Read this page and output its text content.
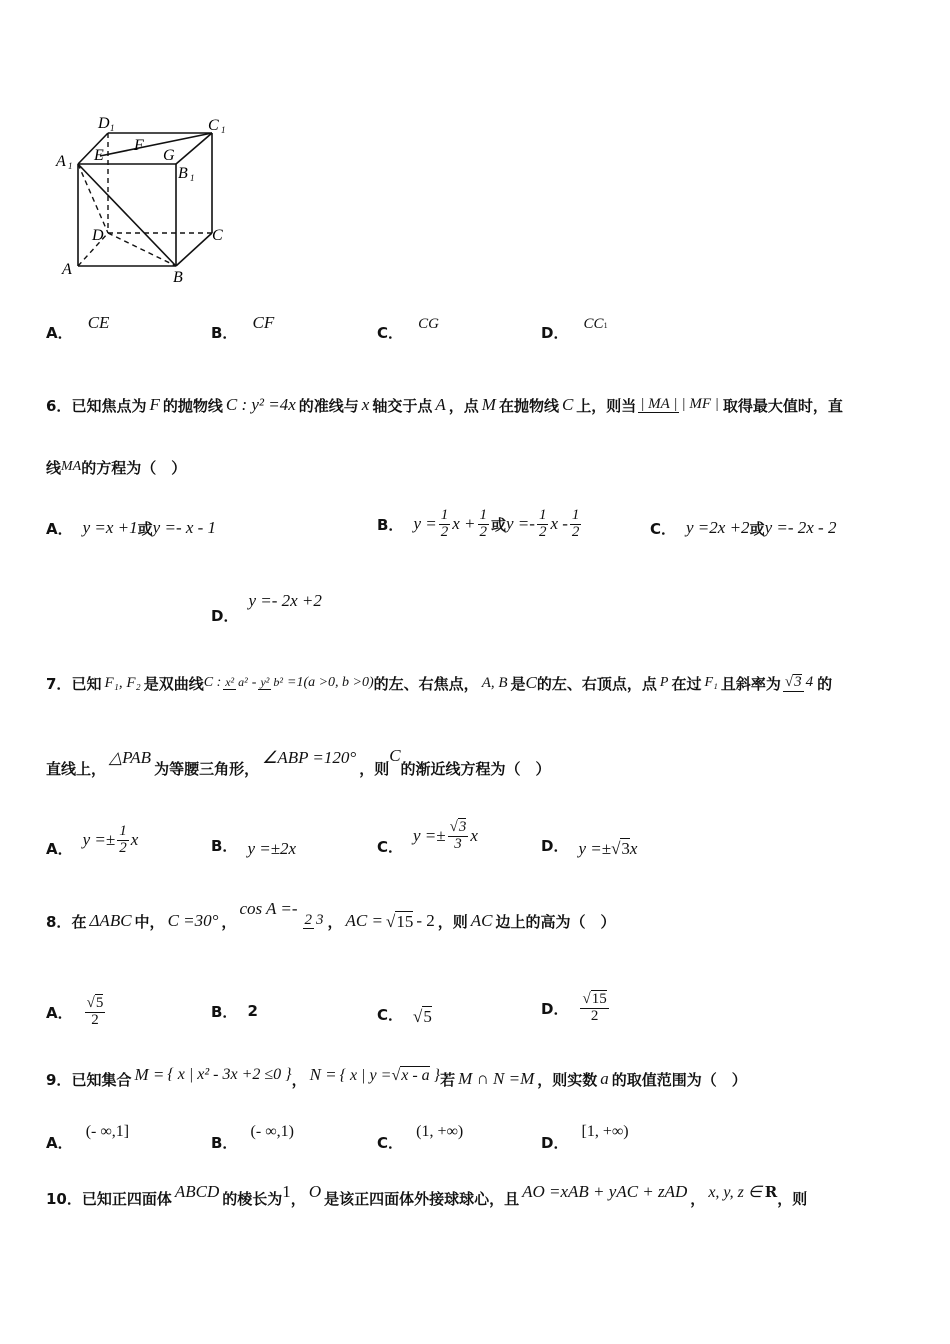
D 1	C 1
A 1	B 1
E
F
G
D	C
A	B
A． CE
B． CF
C． CG	D． CC1
6． 已知焦点为 F 的抛物线 C : y² =4x 的准线与 x 轴交于点 A ，点 M 在抛物线 C 上，则当 | MA | | MF | 取得最大值时，直
线 MA 的方程为（　）
A． y =x +1 或 y =- x - 1	B． $y = \frac{1}{2}$ $x + \frac{1}{2}$ 或 $y =- \frac{1}{2}$ x - $\frac{1}{2}$	C． y =2x +2 或 y =- 2x - 2
D．
y =- 2x +2
7． 已知 F₁, F₂ 是双曲线 C : x² a² - y² b² =1(a >0, b >0) 的左、右焦点， A, B 是 C 的左、右顶点，点 P 在过 F₁ 且斜率为 √3 4 的
直线上，
△PAB
为等腰三角形，
∠ABP =120°
，则
C
的渐近线方程为（　）
A． $y =\pm \frac{1}{2}$ x	B． y =±2x	C．
$y =\pm \frac{√3}{3}$ x
D． y =± √3 x
8． 在 ΔABC 中， C =30° ，
cos A =-
2 3 ， AC = √15 - 2 ，则 AC 边上的高为（　）
A． $\frac{√5}{2}$	B． 2	C． √5	D． $\frac{√15}{2}$
9． 已知集合 M = { x | x² - 3x +2 ≤0 } ， N = { x | y =√x - a } 若 M ∩ N =M ，则实数 a 的取值范围为（　）
A． (- ∞,1]
B． (- ∞,1)
C． (1, +∞)
D． [1, +∞)
10． 已知正四面体 ABCD 的棱长为 1 ， O 是该正四面体外接球球心，且 AO =xAB + yAC + zAD ， x, y, z ∈ R ，则
